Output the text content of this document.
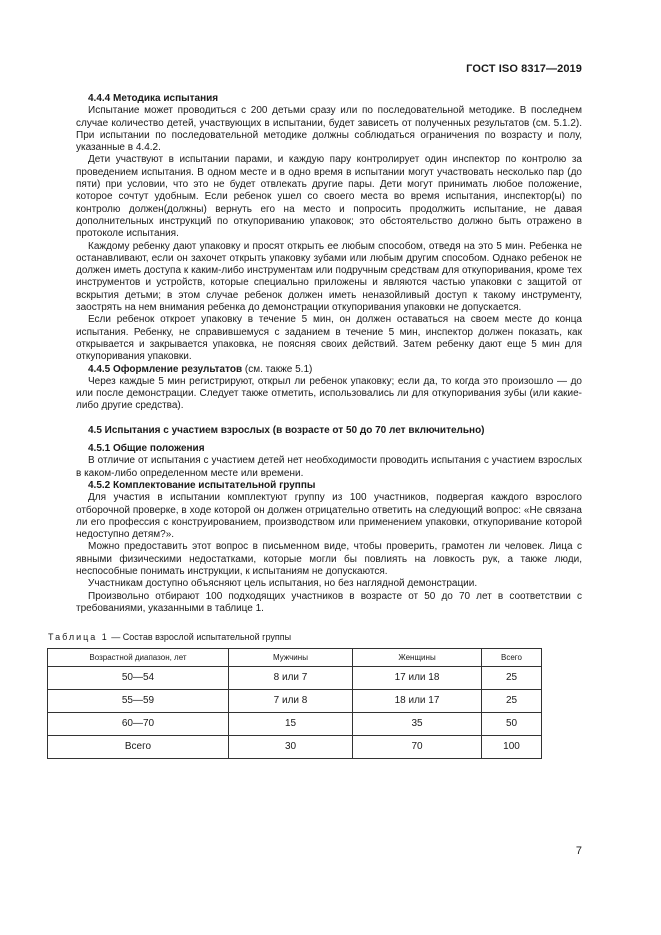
ГОСТ ISO 8317—2019

4.4.4 Методика испытания

Испытание может проводиться с 200 детьми сразу или по последовательной методике. В последнем случае количество детей, участвующих в испытании, будет зависеть от полученных результатов (см. 5.1.2). При испытании по последовательной методике должны соблюдаться ограничения по возрасту и полу, указанные в 4.4.2.

Дети участвуют в испытании парами, и каждую пару контролирует один инспектор по контролю за проведением испытания. В одном месте и в одно время в испытании могут участвовать несколько пар (до пяти) при условии, что это не будет отвлекать другие пары. Дети могут принимать любое положение, которое сочтут удобным. Если ребенок ушел со своего места во время испытания, инспектор(ы) по контролю должен(должны) вернуть его на место и попросить продолжить испытание, не давая дополнительных инструкций по откупориванию упаковок; это обстоятельство должно быть отражено в протоколе испытания.

Каждому ребенку дают упаковку и просят открыть ее любым способом, отведя на это 5 мин. Ребенка не останавливают, если он захочет открыть упаковку зубами или любым другим способом. Однако ребенок не должен иметь доступа к каким-либо инструментам или подручным средствам для откупоривания, кроме тех инструментов и устройств, которые специально приложены и являются частью упаковки с защитой от вскрытия детьми; в этом случае ребенок должен иметь неназойливый доступ к такому инструменту, заострять на нем внимания ребенка до демонстрации откупоривания упаковки не допускается.

Если ребенок откроет упаковку в течение 5 мин, он должен оставаться на своем месте до конца испытания. Ребенку, не справившемуся с заданием в течение 5 мин, инспектор должен показать, как открывается и закрывается упаковка, не поясняя своих действий. Затем ребенку дают еще 5 мин для откупоривания упаковки.

4.4.5 Оформление результатов (см. также 5.1)

Через каждые 5 мин регистрируют, открыл ли ребенок упаковку; если да, то когда это произошло — до или после демонстрации. Следует также отметить, использовались ли для откупоривания зубы (или какие-либо другие средства).

4.5 Испытания с участием взрослых (в возрасте от 50 до 70 лет включительно)

4.5.1 Общие положения

В отличие от испытания с участием детей нет необходимости проводить испытания с участием взрослых в каком-либо определенном месте или времени.

4.5.2 Комплектование испытательной группы

Для участия в испытании комплектуют группу из 100 участников, подвергая каждого взрослого отборочной проверке, в ходе которой он должен отрицательно ответить на следующий вопрос: «Не связана ли его профессия с конструированием, производством или применением упаковки, откупоривание которой недоступно детям?».

Можно предоставить этот вопрос в письменном виде, чтобы проверить, грамотен ли человек. Лица с явными физическими недостатками, которые могли бы повлиять на ловкость рук, а также люди, неспособные понимать инструкции, к испытаниям не допускаются.

Участникам доступно объясняют цель испытания, но без наглядной демонстрации.

Произвольно отбирают 100 подходящих участников в возрасте от 50 до 70 лет в соответствии с требованиями, указанными в таблице 1.

Таблица 1 — Состав взрослой испытательной группы

Возрастной диапазон, лет	Мужчины	Женщины	Всего
50—54	8 или 7	17 или 18	25
55—59	7 или 8	18 или 17	25
60—70	15	35	50
Всего	30	70	100
7
